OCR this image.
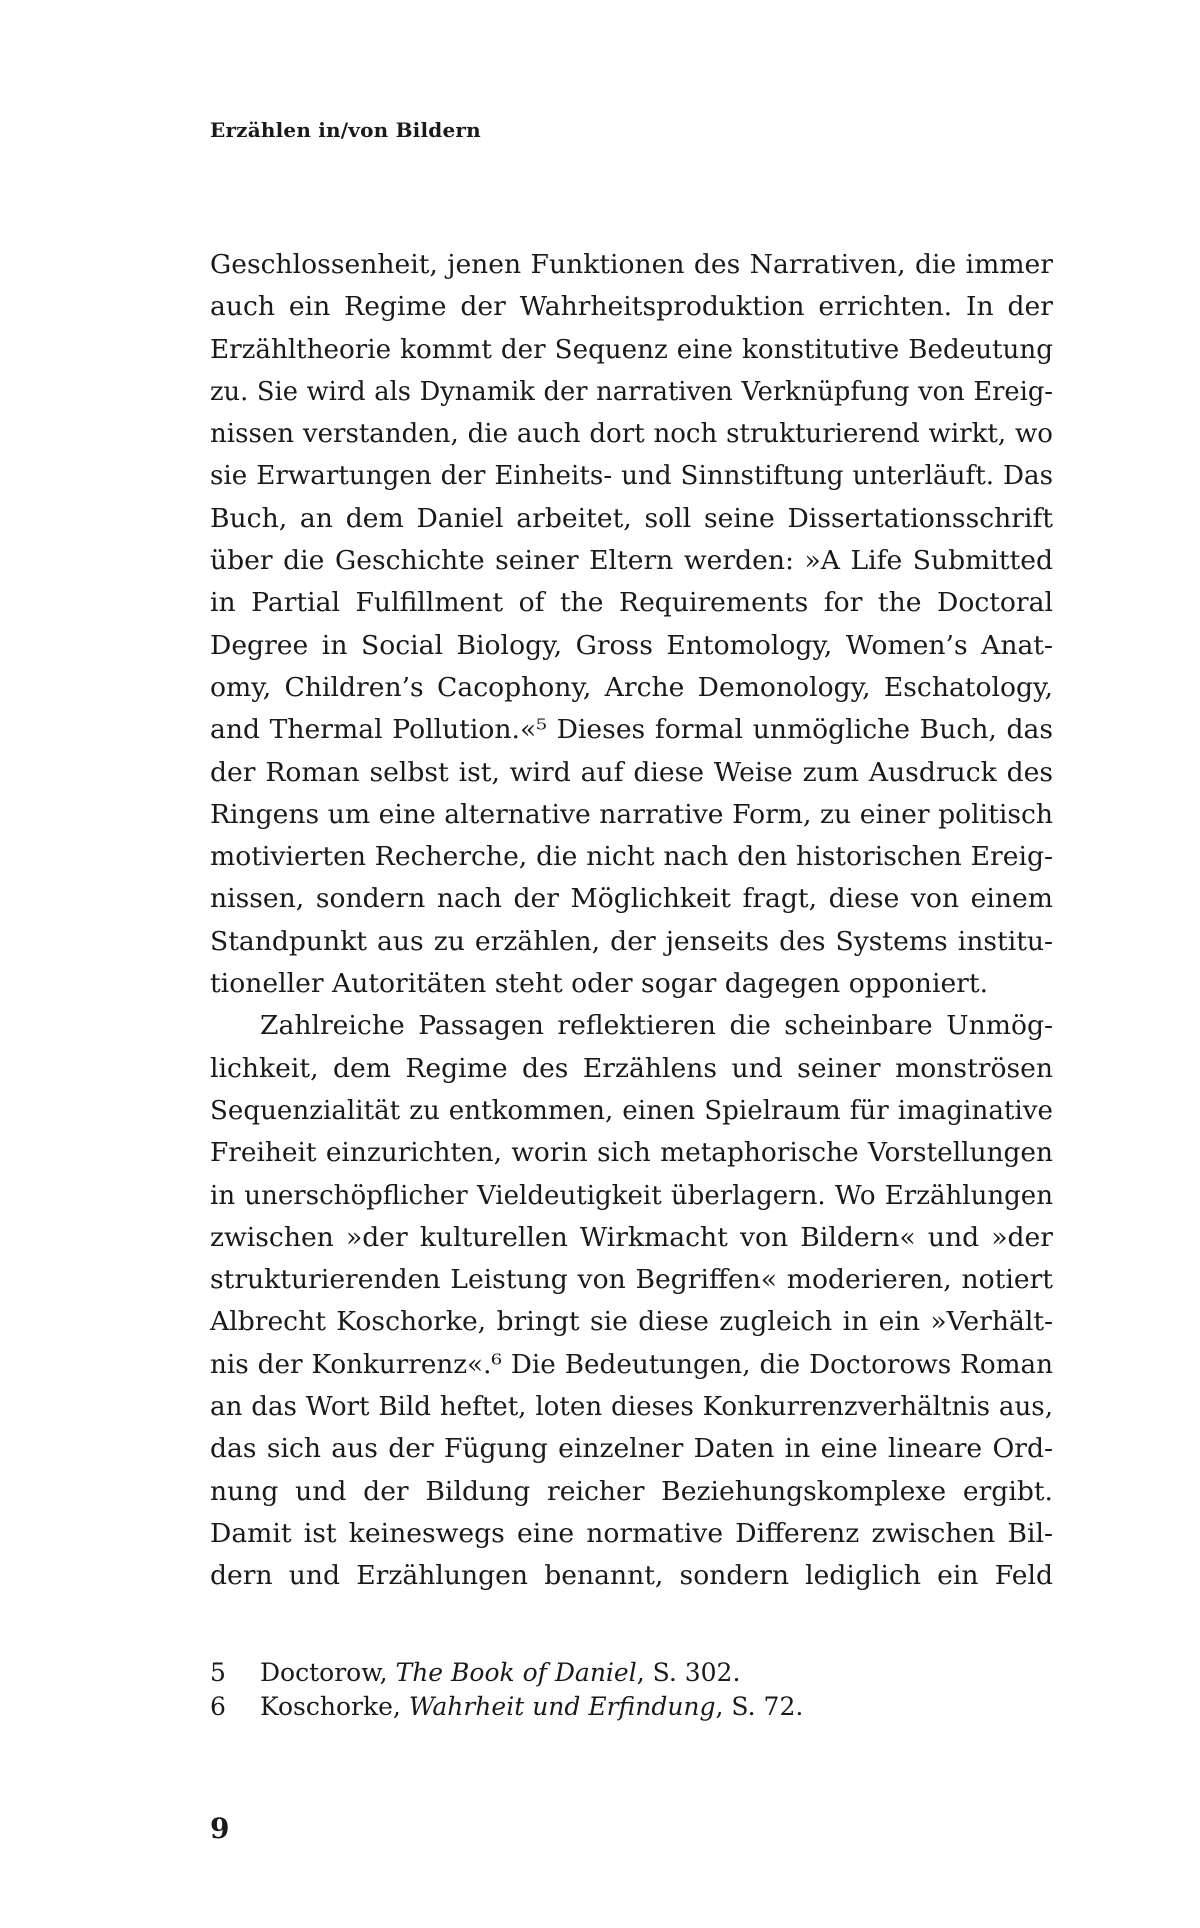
Erzählen in/von Bildern
Geschlossenheit, jenen Funktionen des Narrativen, die immer
auch ein Regime der Wahrheitsproduktion errichten. In der
Erzähltheorie kommt der Sequenz eine konstitutive Bedeutung
zu. Sie wird als Dynamik der narrativen Verknüpfung von Ereig-
nissen verstanden, die auch dort noch strukturierend wirkt, wo
sie Erwartungen der Einheits- und Sinnstiftung unterläuft. Das
Buch, an dem Daniel arbeitet, soll seine Dissertationsschrift
über die Geschichte seiner Eltern werden: »A Life Submitted
in Partial Fulfillment of the Requirements for the Doctoral
Degree in Social Biology, Gross Entomology, Women’s Anat-
omy, Children’s Cacophony, Arche Demonology, Eschatology,
and Thermal Pollution.«⁵ Dieses formal unmögliche Buch, das
der Roman selbst ist, wird auf diese Weise zum Ausdruck des
Ringens um eine alternative narrative Form, zu einer politisch
motivierten Recherche, die nicht nach den historischen Ereig-
nissen, sondern nach der Möglichkeit fragt, diese von einem
Standpunkt aus zu erzählen, der jenseits des Systems institu-
tioneller Autoritäten steht oder sogar dagegen opponiert.
Zahlreiche Passagen reflektieren die scheinbare Unmög-
lichkeit, dem Regime des Erzählens und seiner monströsen
Sequenzialität zu entkommen, einen Spielraum für imaginative
Freiheit einzurichten, worin sich metaphorische Vorstellungen
in unerschöpflicher Vieldeutigkeit überlagern. Wo Erzählungen
zwischen »der kulturellen Wirkmacht von Bildern« und »der
strukturierenden Leistung von Begriffen« moderieren, notiert
Albrecht Koschorke, bringt sie diese zugleich in ein »Verhält-
nis der Konkurrenz«.⁶ Die Bedeutungen, die Doctorows Roman
an das Wort Bild heftet, loten dieses Konkurrenzverhältnis aus,
das sich aus der Fügung einzelner Daten in eine lineare Ord-
nung und der Bildung reicher Beziehungskomplexe ergibt.
Damit ist keineswegs eine normative Differenz zwischen Bil-
dern und Erzählungen benannt, sondern lediglich ein Feld
5 Doctorow, The Book of Daniel, S. 302.
6 Koschorke, Wahrheit und Erfindung, S. 72.
9
